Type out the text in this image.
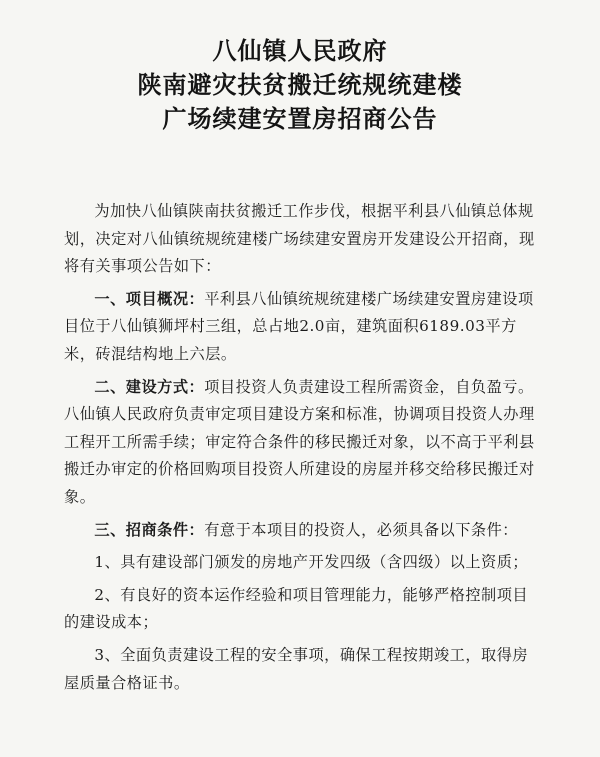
八仙镇人民政府
陕南避灾扶贫搬迁统规统建楼
广场续建安置房招商公告

为加快八仙镇陕南扶贫搬迁工作步伐，根据平利县八仙镇总体规划，决定对八仙镇统规统建楼广场续建安置房开发建设公开招商，现将有关事项公告如下：

一、项目概况：平利县八仙镇统规统建楼广场续建安置房建设项目位于八仙镇狮坪村三组，总占地2.0亩，建筑面积6189.03平方米，砖混结构地上六层。

二、建设方式：项目投资人负责建设工程所需资金，自负盈亏。八仙镇人民政府负责审定项目建设方案和标准，协调项目投资人办理工程开工所需手续；审定符合条件的移民搬迁对象，以不高于平利县搬迁办审定的价格回购项目投资人所建设的房屋并移交给移民搬迁对象。

三、招商条件：有意于本项目的投资人，必须具备以下条件：

1、具有建设部门颁发的房地产开发四级（含四级）以上资质；

2、有良好的资本运作经验和项目管理能力，能够严格控制项目的建设成本；

3、全面负责建设工程的安全事项，确保工程按期竣工，取得房屋质量合格证书。
